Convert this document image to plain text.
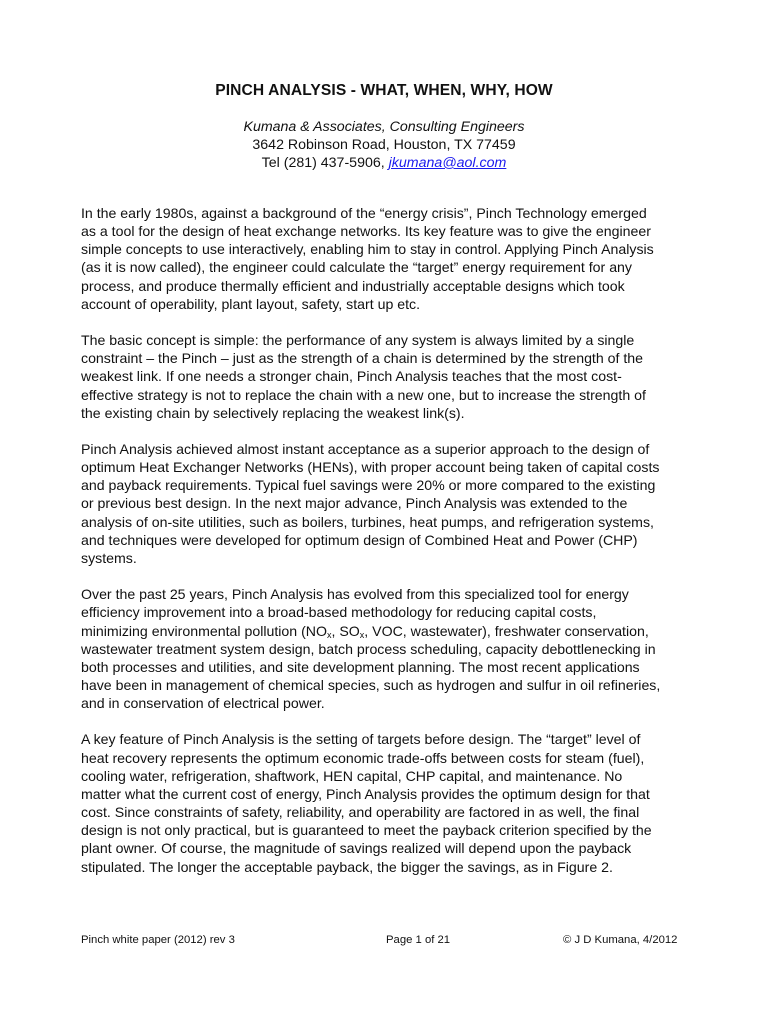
PINCH ANALYSIS - WHAT, WHEN, WHY, HOW
Kumana & Associates, Consulting Engineers
3642 Robinson Road, Houston, TX 77459
Tel (281) 437-5906, jkumana@aol.com

In the early 1980s, against a background of the “energy crisis”, Pinch Technology emerged
as a tool for the design of heat exchange networks. Its key feature was to give the engineer
simple concepts to use interactively, enabling him to stay in control. Applying Pinch Analysis
(as it is now called), the engineer could calculate the “target” energy requirement for any
process, and produce thermally efficient and industrially acceptable designs which took
account of operability, plant layout, safety, start up etc.

The basic concept is simple: the performance of any system is always limited by a single
constraint – the Pinch – just as the strength of a chain is determined by the strength of the
weakest link. If one needs a stronger chain, Pinch Analysis teaches that the most cost-
effective strategy is not to replace the chain with a new one, but to increase the strength of
the existing chain by selectively replacing the weakest link(s).

Pinch Analysis achieved almost instant acceptance as a superior approach to the design of
optimum Heat Exchanger Networks (HENs), with proper account being taken of capital costs
and payback requirements. Typical fuel savings were 20% or more compared to the existing
or previous best design. In the next major advance, Pinch Analysis was extended to the
analysis of on-site utilities, such as boilers, turbines, heat pumps, and refrigeration systems,
and techniques were developed for optimum design of Combined Heat and Power (CHP)
systems.

Over the past 25 years, Pinch Analysis has evolved from this specialized tool for energy
efficiency improvement into a broad-based methodology for reducing capital costs,
minimizing environmental pollution ($NO_x$, $SO_x$, VOC, wastewater), freshwater conservation,
wastewater treatment system design, batch process scheduling, capacity debottlenecking in
both processes and utilities, and site development planning. The most recent applications
have been in management of chemical species, such as hydrogen and sulfur in oil refineries,
and in conservation of electrical power.

A key feature of Pinch Analysis is the setting of targets before design. The “target” level of
heat recovery represents the optimum economic trade-offs between costs for steam (fuel),
cooling water, refrigeration, shaftwork, HEN capital, CHP capital, and maintenance. No
matter what the current cost of energy, Pinch Analysis provides the optimum design for that
cost. Since constraints of safety, reliability, and operability are factored in as well, the final
design is not only practical, but is guaranteed to meet the payback criterion specified by the
plant owner. Of course, the magnitude of savings realized will depend upon the payback
stipulated. The longer the acceptable payback, the bigger the savings, as in Figure 2.

Pinch white paper (2012) rev 3	Page 1 of 21	© J D Kumana, 4/2012
